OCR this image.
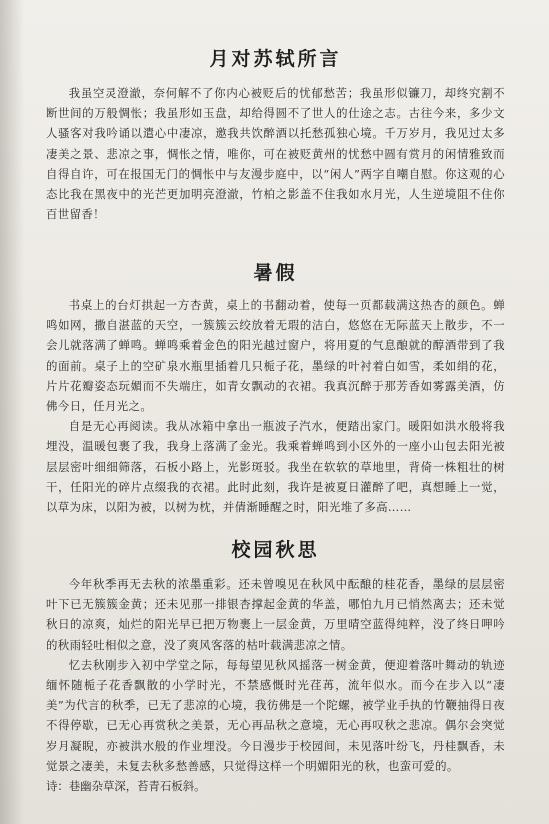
月对苏轼所言

我虽空灵澄澈，奈何解不了你内心被贬后的忧郁愁苦；我虽形似镰刀，却终究割不断世间的万般惆怅；我虽形如玉盘，却给得圆不了世人的仕途之志。古往今来，多少文人骚客对我吟诵以遣心中凄凉，邀我共饮醉酒以托愁孤独心境。千万岁月，我见过太多凄美之景、悲凉之事，惆怅之情，唯你，可在被贬黄州的忧愁中圆有赏月的闲情雅致而自得自许，可在报国无门的惆怅中与友漫步庭中，以“闲人”两字自嘲自慰。你这观的心态比我在黑夜中的光芒更加明亮澄澈，竹柏之影盖不住我如水月光，人生逆境阻不住你百世留香！

暑假

书桌上的台灯拱起一方杏黄，桌上的书翻动着，使每一页都载满这热杏的颜色。蝉鸣如网，撒自湛蓝的天空，一簇簇云绞放着无瑕的洁白，悠悠在无际蓝天上散步，不一会儿就落满了蝉鸣。蝉鸣乘着金色的阳光越过窗户，将用夏的气息酿就的醇酒带到了我的面前。桌子上的空矿泉水瓶里插着几只栀子花，墨绿的叶衬着白如雪，柔如绢的花，片片花瓣姿态玩媚而不失端庄，如青女飘动的衣裙。我真沉醉于那芳香如雾露美酒，仿佛今日，任月光之。

自是无心再阅读。我从冰箱中拿出一瓶波子汽水，便踏出家门。暖阳如洪水般将我埋没，温暖包裹了我，我身上落满了金光。我乘着蝉鸣到小区外的一座小山包去阳光被层层密叶细细筛落，石板小路上，光影斑驳。我坐在软软的草地里，背倚一株粗壮的树干，任阳光的碎片点缀我的衣裙。此时此刻，我许是被夏日灌醉了吧，真想睡上一觉，以草为床，以阳为被，以树为枕，并倩渐睡醒之时，阳光堆了多高……

校园秋思

今年秋季再无去秋的浓墨重彩。还未曾嗅见在秋风中酝酿的桂花香，墨绿的层层密叶下已无簇簇金黄；还未见那一排银杏撑起金黄的华盖，哪怕九月已悄然离去；还未觉秋日的凉爽，灿烂的阳光早已把万物裹上一层金黄，万里晴空蓝得纯粹，没了终日呷吟的秋雨轻吐相似之意，没了爽风客落的枯叶载满悲凉之情。

忆去秋刚步入初中学堂之际，每每望见秋风摇落一树金黄，便迎着落叶舞动的轨迹缅怀随栀子花香飘散的小学时光，不禁感慨时光荏苒，流年似水。而今在步入以“凄美”为代言的秋季，已无了悲凉的心境，我彷佛是一个陀螺，被学业手执的竹鞭抽得日夜不得停歇，已无心再赏秋之美景，无心再品秋之意境，无心再叹秋之悲凉。偶尔会突觉岁月凝睨，亦被洪水般的作业埋没。今日漫步于校园间，未见落叶纷飞，丹桂飘香，未觉景之凄美，未复去秋多愁善感，只觉得这样一个明媚阳光的秋，也蛮可爱的。

诗：巷幽杂草深，苔青石板斜。
